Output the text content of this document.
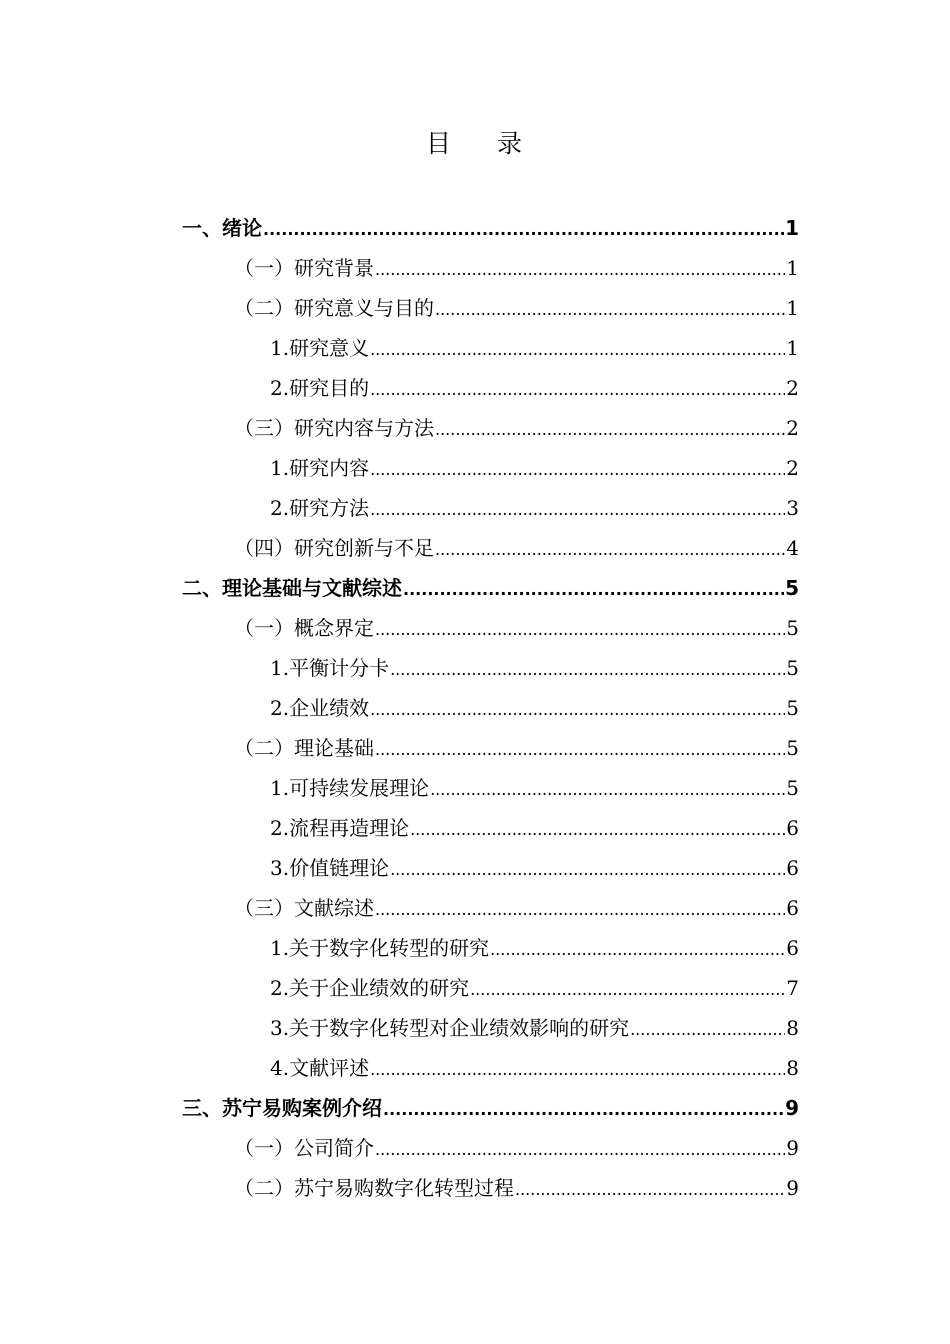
目 录
一、绪论 .....	1
（一）研究背景 .....	1
（二）研究意义与目的 .....	1
1.研究意义 .....	1
2.研究目的 .....	2
（三）研究内容与方法 .....	2
1.研究内容 .....	2
2.研究方法 .....	3
（四）研究创新与不足 .....	4
二、理论基础与文献综述 .....	5
（一）概念界定 .....	5
1.平衡计分卡 .....	5
2.企业绩效 .....	5
（二）理论基础 .....	5
1.可持续发展理论 .....	5
2.流程再造理论 .....	6
3.价值链理论 .....	6
（三）文献综述 .....	6
1.关于数字化转型的研究 .....	6
2.关于企业绩效的研究 .....	7
3.关于数字化转型对企业绩效影响的研究 .....	8
4.文献评述 .....	8
三、苏宁易购案例介绍 .....	9
（一）公司简介 .....	9
（二）苏宁易购数字化转型过程 .....	9
